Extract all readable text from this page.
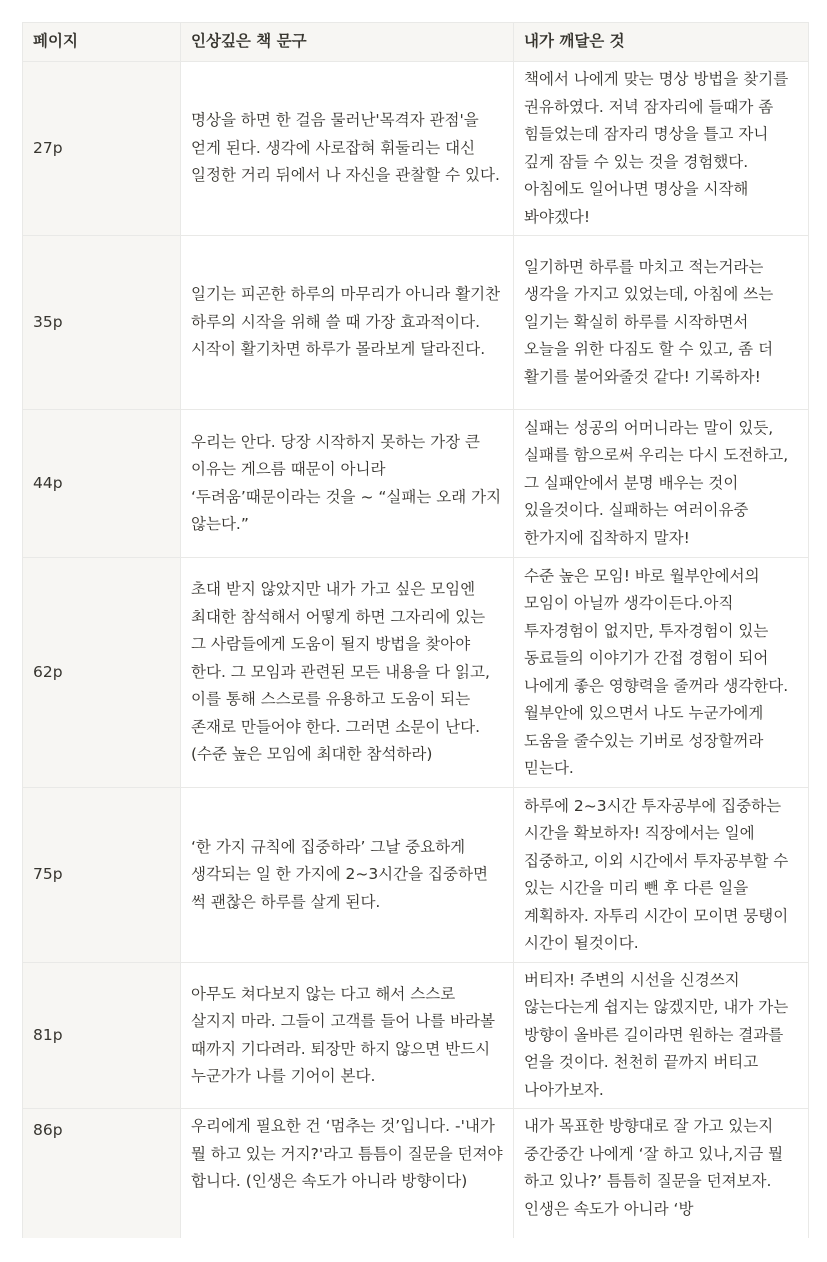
페이지	인상깊은 책 문구	내가 깨달은 것
27p	명상을 하면 한 걸음 물러난'목격자 관점'을 얻게 된다. 생각에 사로잡혀 휘둘리는 대신 일정한 거리 뒤에서 나 자신을 관찰할 수 있다.	책에서 나에게 맞는 명상 방법을 찾기를 권유하였다. 저녁 잠자리에 들때가 좀 힘들었는데 잠자리 명상을 틀고 자니 깊게 잠들 수 있는 것을 경험했다. 아침에도 일어나면 명상을 시작해 봐야겠다!

35p	일기는 피곤한 하루의 마무리가 아니라 활기찬 하루의 시작을 위해 쓸 때 가장 효과적이다. 시작이 활기차면 하루가 몰라보게 달라진다.	일기하면 하루를 마치고 적는거라는 생각을 가지고 있었는데, 아침에 쓰는 일기는 확실히 하루를 시작하면서 오늘을 위한 다짐도 할 수 있고, 좀 더 활기를 불어와줄것 같다! 기록하자!

44p	우리는 안다. 당장 시작하지 못하는 가장 큰 이유는 게으름 때문이 아니라 ‘두려움’때문이라는 것을 ~ “실패는 오래 가지 않는다.”	실패는 성공의 어머니라는 말이 있듯, 실패를 함으로써 우리는 다시 도전하고, 그 실패안에서 분명 배우는 것이 있을것이다. 실패하는 여러이유중 한가지에 집착하지 말자!

62p	초대 받지 않았지만 내가 가고 싶은 모임엔 최대한 참석해서 어떻게 하면 그자리에 있는 그 사람들에게 도움이 될지 방법을 찾아야 한다. 그 모임과 관련된 모든 내용을 다 읽고, 이를 통해 스스로를 유용하고 도움이 되는 존재로 만들어야 한다. 그러면 소문이 난다. (수준 높은 모임에 최대한 참석하라)	수준 높은 모임! 바로 월부안에서의 모임이 아닐까 생각이든다.아직 투자경험이 없지만, 투자경험이 있는 동료들의 이야기가 간접 경험이 되어 나에게 좋은 영향력을 줄꺼라 생각한다.월부안에 있으면서 나도 누군가에게 도움을 줄수있는 기버로 성장할꺼라 믿는다.

75p	‘한 가지 규칙에 집중하라’ 그날 중요하게 생각되는 일 한 가지에 2~3시간을 집중하면 썩 괜찮은 하루를 살게 된다.	하루에 2~3시간 투자공부에 집중하는 시간을 확보하자! 직장에서는 일에 집중하고, 이외 시간에서 투자공부할 수 있는 시간을 미리 뺀 후 다른 일을 계획하자. 자투리 시간이 모이면 뭉탱이 시간이 될것이다.

81p	아무도 쳐다보지 않는 다고 해서 스스로 살지지 마라. 그들이 고객를 들어 나를 바라볼 때까지 기다려라. 퇴장만 하지 않으면 반드시 누군가가 나를 기어이 본다.	버티자! 주변의 시선을 신경쓰지 않는다는게 쉽지는 않겠지만, 내가 가는 방향이 올바른 길이라면 원하는 결과를 얻을 것이다. 천천히 끝까지 버티고 나아가보자.

86p	우리에게 필요한 건 ‘멈추는 것’입니다. -'내가 뭘 하고 있는 거지?'라고 틈틈이 질문을 던져야 합니다. (인생은 속도가 아니라 방향이다)	내가 목표한 방향대로 잘 가고 있는지 중간중간 나에게 ‘잘 하고 있나,지금 뭘 하고 있나?’ 틈틈히 질문을 던져보자. 인생은 속도가 아니라 ‘방
